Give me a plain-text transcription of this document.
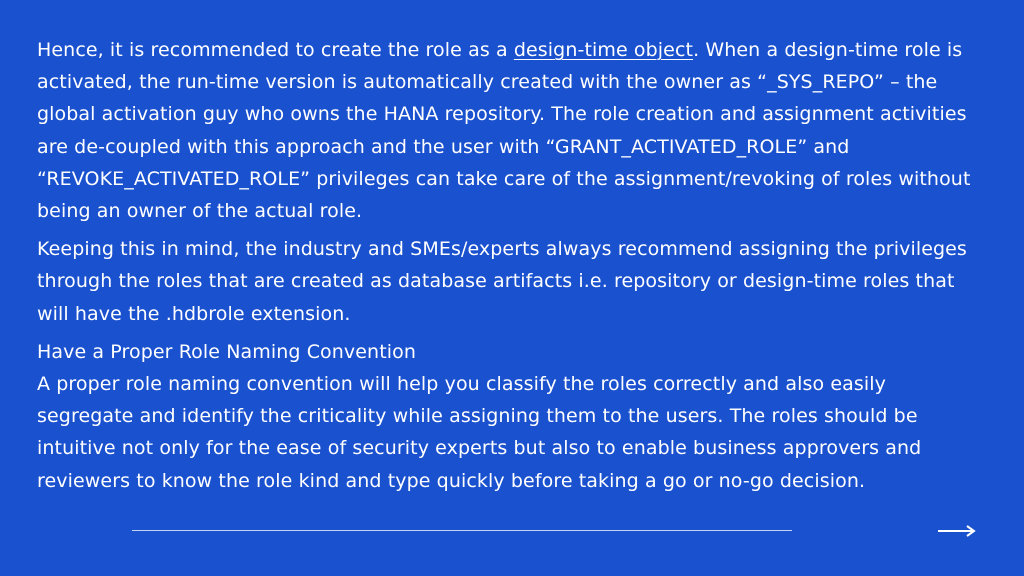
Hence, it is recommended to create the role as a design-time object. When a design-time role is activated, the run-time version is automatically created with the owner as “_SYS_REPO” – the global activation guy who owns the HANA repository. The role creation and assignment activities are de-coupled with this approach and the user with “GRANT_ACTIVATED_ROLE” and “REVOKE_ACTIVATED_ROLE” privileges can take care of the assignment/revoking of roles without being an owner of the actual role.

Keeping this in mind, the industry and SMEs/experts always recommend assigning the privileges through the roles that are created as database artifacts i.e. repository or design-time roles that will have the .hdbrole extension.

Have a Proper Role Naming Convention

A proper role naming convention will help you classify the roles correctly and also easily segregate and identify the criticality while assigning them to the users. The roles should be intuitive not only for the ease of security experts but also to enable business approvers and reviewers to know the role kind and type quickly before taking a go or no-go decision.
